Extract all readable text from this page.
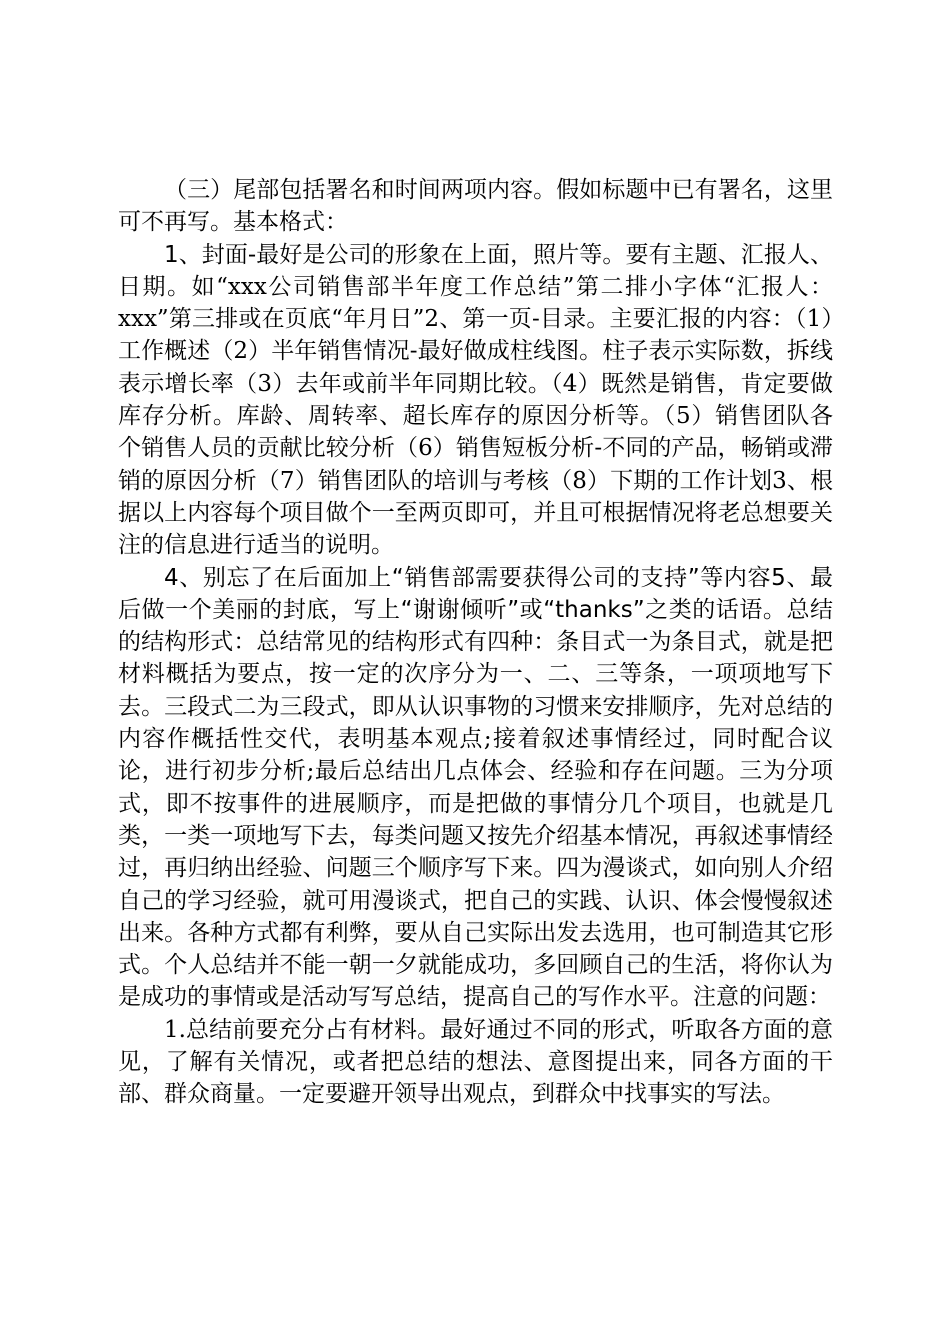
（三）尾部包括署名和时间两项内容。假如标题中已有署名，这里可不再写。基本格式：

1、封面-最好是公司的形象在上面，照片等。要有主题、汇报人、日期。如“xxx公司销售部半年度工作总结”第二排小字体“汇报人：xxx”第三排或在页底“年月日”2、第一页-目录。主要汇报的内容：（1）工作概述（2）半年销售情况-最好做成柱线图。柱子表示实际数，拆线表示增长率（3）去年或前半年同期比较。（4）既然是销售，肯定要做库存分析。库龄、周转率、超长库存的原因分析等。（5）销售团队各个销售人员的贡献比较分析（6）销售短板分析-不同的产品，畅销或滞销的原因分析（7）销售团队的培训与考核（8）下期的工作计划3、根据以上内容每个项目做个一至两页即可，并且可根据情况将老总想要关注的信息进行适当的说明。

4、别忘了在后面加上“销售部需要获得公司的支持”等内容5、最后做一个美丽的封底，写上“谢谢倾听”或“thanks”之类的话语。总结的结构形式：总结常见的结构形式有四种：条目式一为条目式，就是把材料概括为要点，按一定的次序分为一、二、三等条，一项项地写下去。三段式二为三段式，即从认识事物的习惯来安排顺序，先对总结的内容作概括性交代，表明基本观点;接着叙述事情经过，同时配合议论，进行初步分析;最后总结出几点体会、经验和存在问题。三为分项式，即不按事件的进展顺序，而是把做的事情分几个项目，也就是几类，一类一项地写下去，每类问题又按先介绍基本情况，再叙述事情经过，再归纳出经验、问题三个顺序写下来。四为漫谈式，如向别人介绍自己的学习经验，就可用漫谈式，把自己的实践、认识、体会慢慢叙述出来。各种方式都有利弊，要从自己实际出发去选用，也可制造其它形式。个人总结并不能一朝一夕就能成功，多回顾自己的生活，将你认为是成功的事情或是活动写写总结，提高自己的写作水平。注意的问题：

1.总结前要充分占有材料。最好通过不同的形式，听取各方面的意见，了解有关情况，或者把总结的想法、意图提出来，同各方面的干部、群众商量。一定要避开领导出观点，到群众中找事实的写法。
